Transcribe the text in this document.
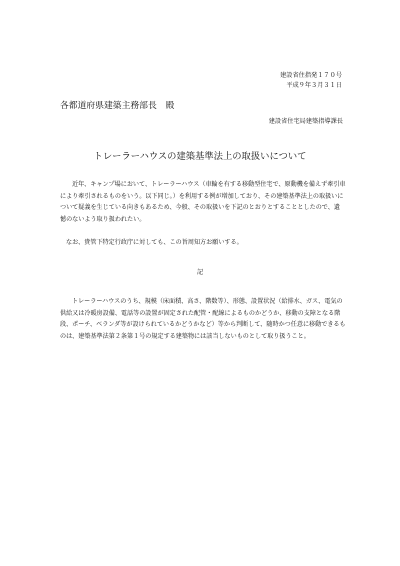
建設省住指発１７０号
平成９年３月３１日
各都道府県建築主務部長　殿
建設省住宅局建築指導課長
トレーラーハウスの建築基準法上の取扱いについて
近年、キャンプ場において、トレーラーハウス（車輪を有する移動型住宅で、原動機を備えず牽引車により牽引されるものをいう。以下同じ。）を利用する例が増加しており、その建築基準法上の取扱いについて疑義を生じている向きもあるため、今般、その取扱いを下記のとおりとすることとしたので、遺憾のないよう取り扱われたい。
なお、貴管下特定行政庁に対しても、この旨周知方お願いする。
記
トレーラーハウスのうち、規模（床面積、高さ、階数等）、形態、設置状況（給排水、ガス、電気の供給又は冷暖房設備、電話等の設置が固定された配管・配線によるものかどうか、移動の支障となる階段、ポーチ、ベランダ等が設けられているかどうかなど）等から判断して、随時かつ任意に移動できるものは、建築基準法第２条第１号の規定する建築物には該当しないものとして取り扱うこと。
